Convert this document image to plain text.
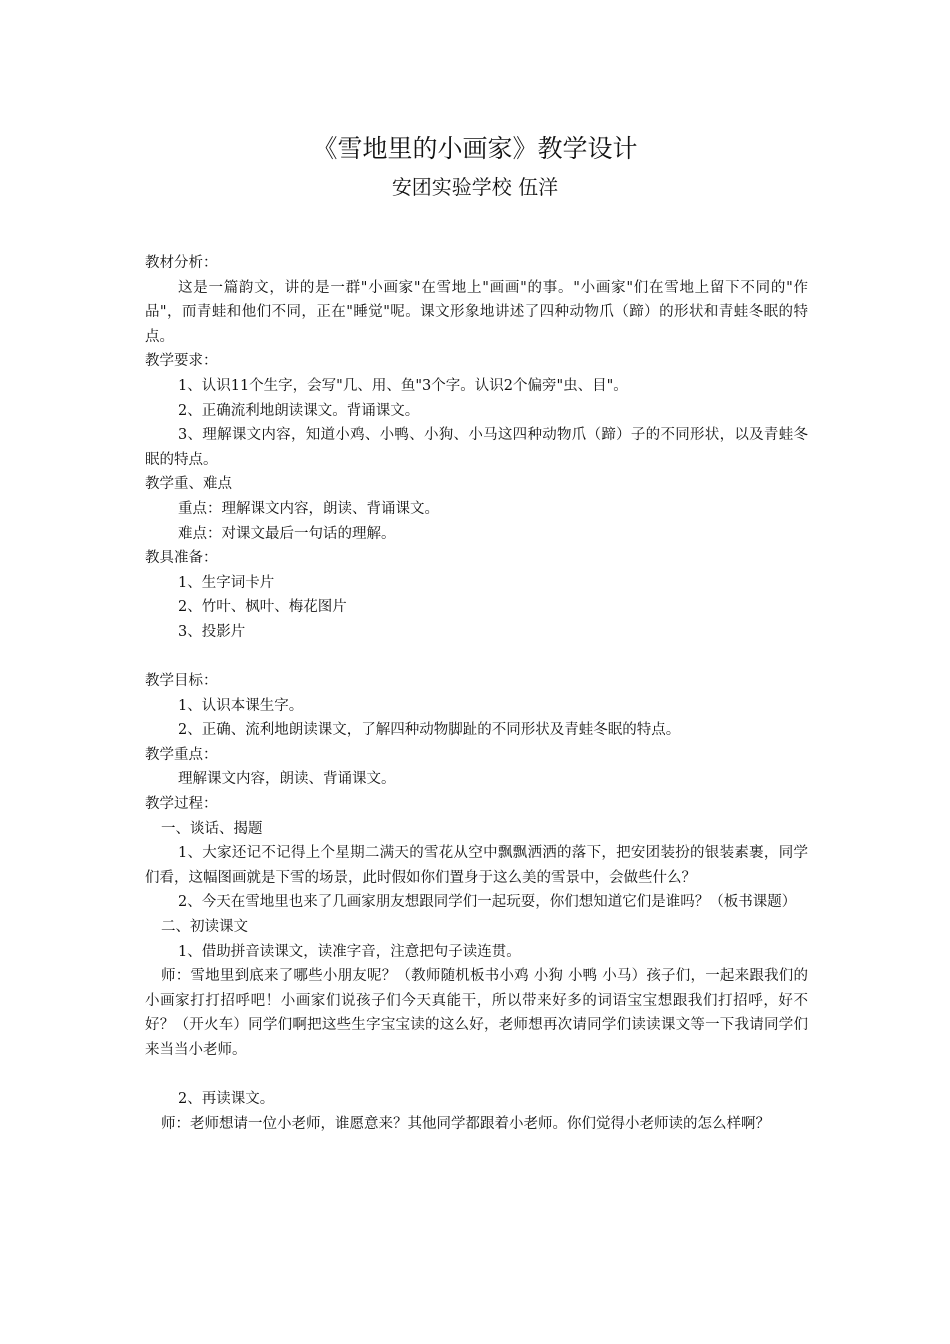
《雪地里的小画家》教学设计
安团实验学校 伍洋

教材分析：

这是一篇韵文，讲的是一群"小画家"在雪地上"画画"的事。"小画家"们在雪地上留下不同的"作品"，而青蛙和他们不同，正在"睡觉"呢。课文形象地讲述了四种动物爪（蹄）的形状和青蛙冬眠的特点。

教学要求：

1、认识11个生字，会写"几、用、鱼"3个字。认识2个偏旁"虫、目"。

2、正确流利地朗读课文。背诵课文。

3、理解课文内容，知道小鸡、小鸭、小狗、小马这四种动物爪（蹄）子的不同形状，以及青蛙冬眠的特点。

教学重、难点

重点：理解课文内容，朗读、背诵课文。

难点：对课文最后一句话的理解。

教具准备：

1、生字词卡片

2、竹叶、枫叶、梅花图片

3、投影片

教学目标：

1、认识本课生字。

2、正确、流利地朗读课文，了解四种动物脚趾的不同形状及青蛙冬眠的特点。

教学重点：

理解课文内容，朗读、背诵课文。

教学过程：

一、谈话、揭题

1、大家还记不记得上个星期二满天的雪花从空中飘飘洒洒的落下，把安团装扮的银装素裹，同学们看，这幅图画就是下雪的场景，此时假如你们置身于这么美的雪景中，会做些什么？

2、今天在雪地里也来了几画家朋友想跟同学们一起玩耍，你们想知道它们是谁吗？（板书课题）

二、初读课文

1、借助拼音读课文，读准字音，注意把句子读连贯。

师：雪地里到底来了哪些小朋友呢？（教师随机板书小鸡 小狗 小鸭 小马）孩子们，一起来跟我们的小画家打打招呼吧！小画家们说孩子们今天真能干，所以带来好多的词语宝宝想跟我们打招呼，好不好？（开火车）同学们啊把这些生字宝宝读的这么好，老师想再次请同学们读读课文等一下我请同学们来当当小老师。

2、再读课文。

师：老师想请一位小老师，谁愿意来？其他同学都跟着小老师。你们觉得小老师读的怎么样啊？
